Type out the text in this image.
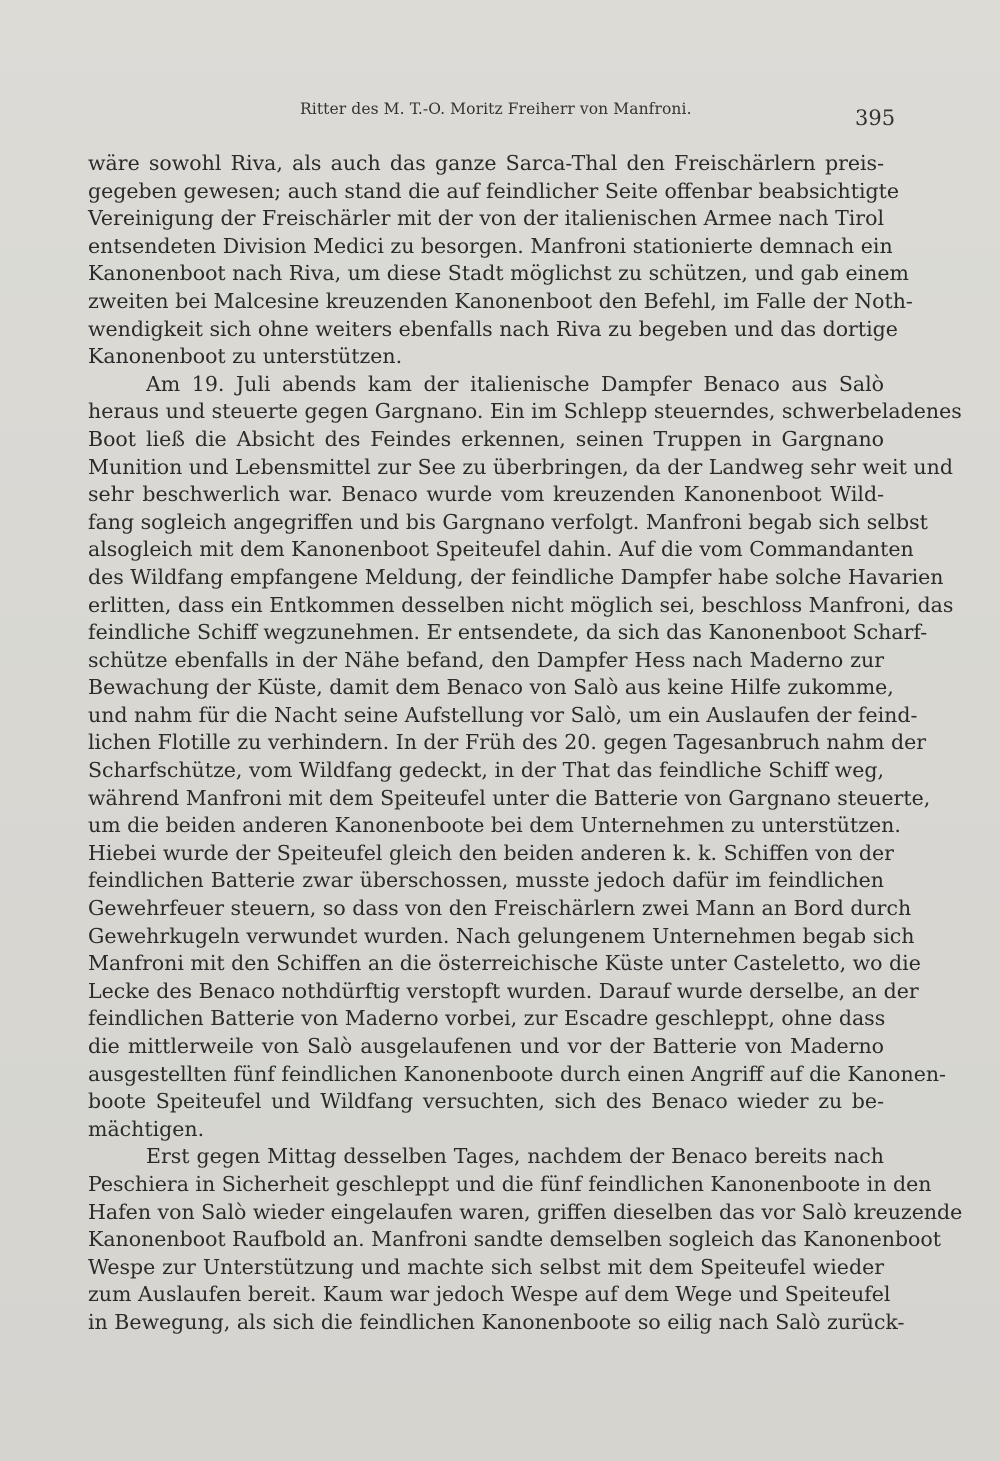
Ritter des M. T.-O. Moritz Freiherr von Manfroni.	395
wäre sowohl Riva, als auch das ganze Sarca-Thal den Freischärlern preis-
gegeben gewesen; auch stand die auf feindlicher Seite offenbar beabsichtigte
Vereinigung der Freischärler mit der von der italienischen Armee nach Tirol
entsendeten Division Medici zu besorgen. Manfroni stationierte demnach ein
Kanonenboot nach Riva, um diese Stadt möglichst zu schützen, und gab einem
zweiten bei Malcesine kreuzenden Kanonenboot den Befehl, im Falle der Noth-
wendigkeit sich ohne weiters ebenfalls nach Riva zu begeben und das dortige
Kanonenboot zu unterstützen.
Am 19. Juli abends kam der italienische Dampfer Benaco aus Salò
heraus und steuerte gegen Gargnano. Ein im Schlepp steuerndes, schwerbeladenes
Boot ließ die Absicht des Feindes erkennen, seinen Truppen in Gargnano
Munition und Lebensmittel zur See zu überbringen, da der Landweg sehr weit und
sehr beschwerlich war. Benaco wurde vom kreuzenden Kanonenboot Wild-
fang sogleich angegriffen und bis Gargnano verfolgt. Manfroni begab sich selbst
alsogleich mit dem Kanonenboot Speiteufel dahin. Auf die vom Commandanten
des Wildfang empfangene Meldung, der feindliche Dampfer habe solche Havarien
erlitten, dass ein Entkommen desselben nicht möglich sei, beschloss Manfroni, das
feindliche Schiff wegzunehmen. Er entsendete, da sich das Kanonenboot Scharf-
schütze ebenfalls in der Nähe befand, den Dampfer Hess nach Maderno zur
Bewachung der Küste, damit dem Benaco von Salò aus keine Hilfe zukomme,
und nahm für die Nacht seine Aufstellung vor Salò, um ein Auslaufen der feind-
lichen Flotille zu verhindern. In der Früh des 20. gegen Tagesanbruch nahm der
Scharfschütze, vom Wildfang gedeckt, in der That das feindliche Schiff weg,
während Manfroni mit dem Speiteufel unter die Batterie von Gargnano steuerte,
um die beiden anderen Kanonenboote bei dem Unternehmen zu unterstützen.
Hiebei wurde der Speiteufel gleich den beiden anderen k. k. Schiffen von der
feindlichen Batterie zwar überschossen, musste jedoch dafür im feindlichen
Gewehrfeuer steuern, so dass von den Freischärlern zwei Mann an Bord durch
Gewehrkugeln verwundet wurden. Nach gelungenem Unternehmen begab sich
Manfroni mit den Schiffen an die österreichische Küste unter Casteletto, wo die
Lecke des Benaco nothdürftig verstopft wurden. Darauf wurde derselbe, an der
feindlichen Batterie von Maderno vorbei, zur Escadre geschleppt, ohne dass
die mittlerweile von Salò ausgelaufenen und vor der Batterie von Maderno
ausgestellten fünf feindlichen Kanonenboote durch einen Angriff auf die Kanonen-
boote Speiteufel und Wildfang versuchten, sich des Benaco wieder zu be-
mächtigen.
Erst gegen Mittag desselben Tages, nachdem der Benaco bereits nach
Peschiera in Sicherheit geschleppt und die fünf feindlichen Kanonenboote in den
Hafen von Salò wieder eingelaufen waren, griffen dieselben das vor Salò kreuzende
Kanonenboot Raufbold an. Manfroni sandte demselben sogleich das Kanonenboot
Wespe zur Unterstützung und machte sich selbst mit dem Speiteufel wieder
zum Auslaufen bereit. Kaum war jedoch Wespe auf dem Wege und Speiteufel
in Bewegung, als sich die feindlichen Kanonenboote so eilig nach Salò zurück-
